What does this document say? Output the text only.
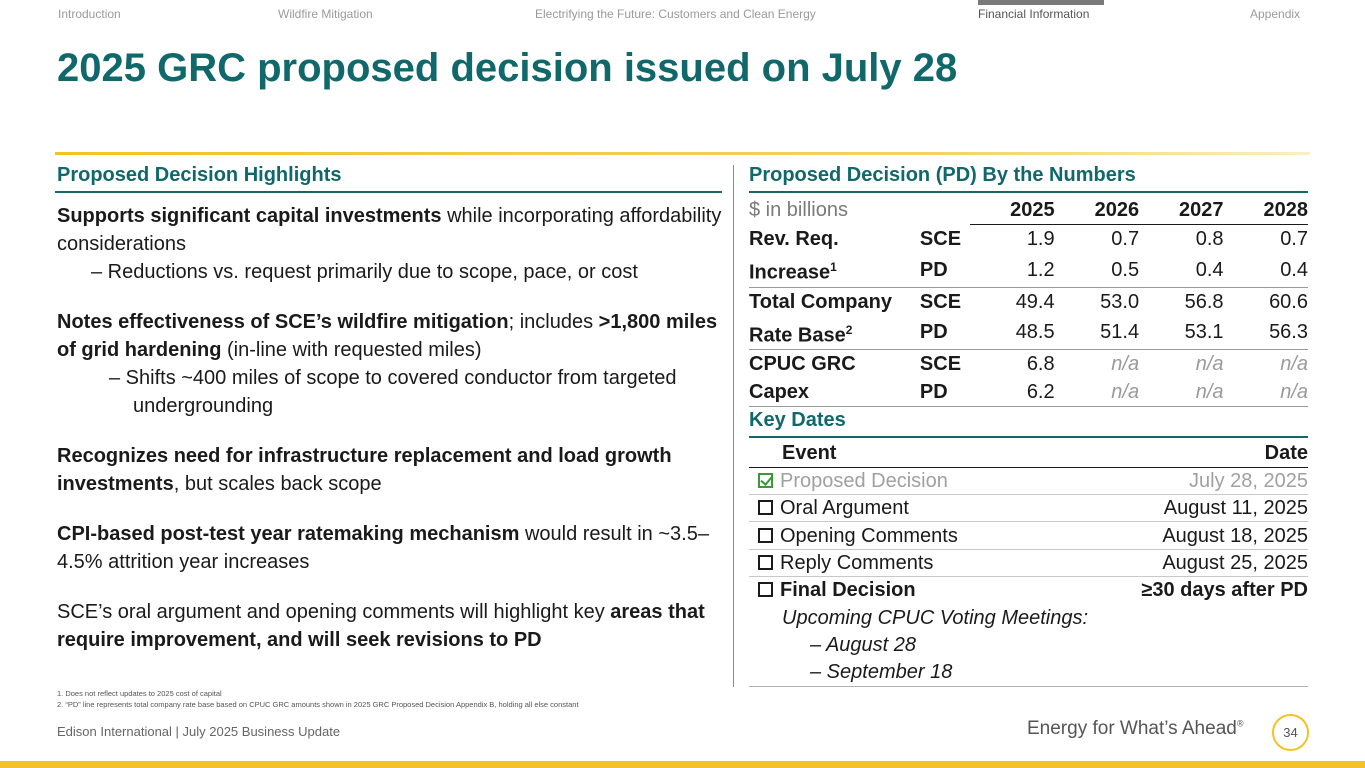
Introduction	Wildfire Mitigation	Electrifying the Future: Customers and Clean Energy	Financial Information	Appendix
2025 GRC proposed decision issued on July 28
Proposed Decision Highlights

Supports significant capital investments while incorporating affordability considerations

– Reductions vs. request primarily due to scope, pace, or cost

Notes effectiveness of SCE’s wildfire mitigation; includes >1,800 miles of grid hardening (in-line with requested miles)

– Shifts ~400 miles of scope to covered conductor from targeted undergrounding

Recognizes need for infrastructure replacement and load growth investments, but scales back scope

CPI-based post-test year ratemaking mechanism would result in ~3.5–4.5% attrition year increases

SCE’s oral argument and opening comments will highlight key areas that require improvement, and will seek revisions to PD

Proposed Decision (PD) By the Numbers
$ in billions		2025	2026	2027	2028
Rev. Req.	SCE	1.9	0.7	0.8	0.7
Increase$^1$	PD	1.2	0.5	0.4	0.4
Total Company	SCE	49.4	53.0	56.8	60.6
Rate Base$^2$	PD	48.5	51.4	53.1	56.3
CPUC GRC	SCE	6.8	n/a	n/a	n/a
Capex	PD	6.2	n/a	n/a	n/a
Key Dates
Event	Date
Proposed Decision	July 28, 2025
Oral Argument	August 11, 2025
Opening Comments	August 18, 2025
Reply Comments	August 25, 2025
Final Decision	≥30 days after PD
Upcoming CPUC Voting Meetings:
– August 28
– September 18
1. Does not reflect updates to 2025 cost of capital
2. “PD” line represents total company rate base based on CPUC GRC amounts shown in 2025 GRC Proposed Decision Appendix B, holding all else constant
Edison International | July 2025 Business Update	Energy for What’s Ahead®
34
